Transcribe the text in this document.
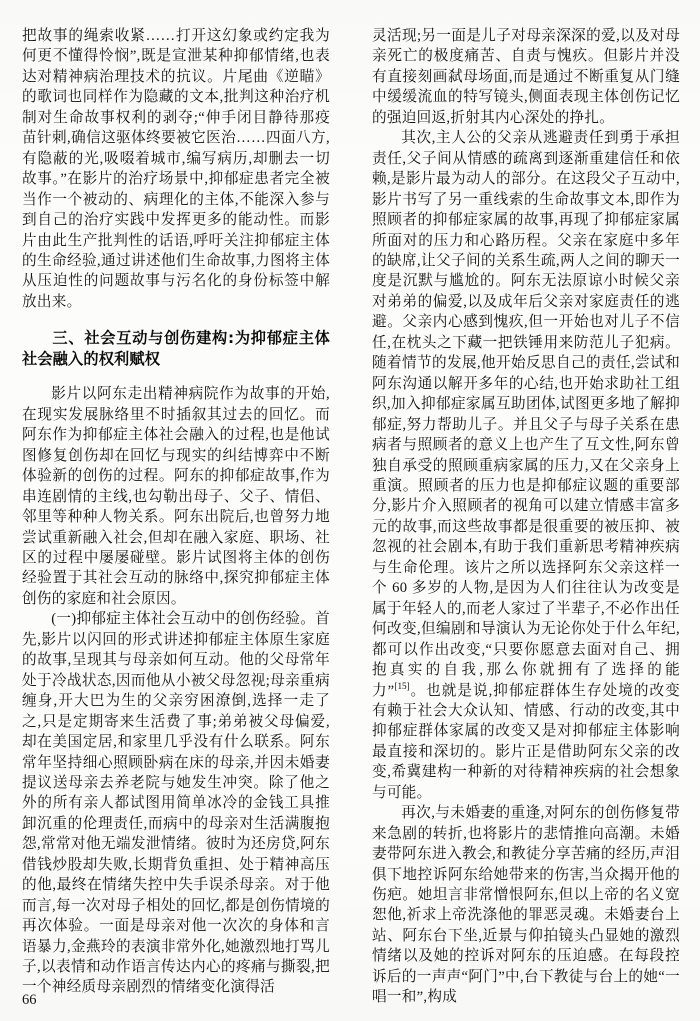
把故事的绳索收紧……打开这幻象或约定我为何更不懂得怜悯”,既是宣泄某种抑郁情绪,也表达对精神病治理技术的抗议。片尾曲《逆瞄》的歌词也同样作为隐藏的文本,批判这种治疗机制对生命故事权利的剥夺;“伸手闭目静待那疫苗针刺,确信这驱体终要被它医治……四面八方,有隐蔽的光,吸啜着城市,编写病历,却删去一切故事。”在影片的治疗场景中,抑郁症患者完全被当作一个被动的、病理化的主体,不能深入参与到自己的治疗实践中发挥更多的能动性。而影片由此生产批判性的话语,呼吁关注抑郁症主体的生命经验,通过讲述他们生命故事,力图将主体从压迫性的问题故事与污名化的身份标签中解放出来。

三、社会互动与创伤建构:为抑郁症主体社会融入的权利赋权

影片以阿东走出精神病院作为故事的开始,在现实发展脉络里不时插叙其过去的回忆。而阿东作为抑郁症主体社会融入的过程,也是他试图修复创伤却在回忆与现实的纠结博弈中不断体验新的创伤的过程。阿东的抑郁症故事,作为串连剧情的主线,也勾勒出母子、父子、情侣、邻里等种种人物关系。阿东出院后,也曾努力地尝试重新融入社会,但却在融入家庭、职场、社区的过程中屡屡碰壁。影片试图将主体的创伤经验置于其社会互动的脉络中,探究抑郁症主体创伤的家庭和社会原因。

(一)抑郁症主体社会互动中的创伤经验。首先,影片以闪回的形式讲述抑郁症主体原生家庭的故事,呈现其与母亲如何互动。他的父母常年处于冷战状态,因而他从小被父母忽视;母亲重病缠身,开大巴为生的父亲穷困潦倒,选择一走了之,只是定期寄来生活费了事;弟弟被父母偏爱,却在美国定居,和家里几乎没有什么联系。阿东常年坚持细心照顾卧病在床的母亲,并因未婚妻提议送母亲去养老院与她发生冲突。除了他之外的所有亲人都试图用简单冰冷的金钱工具推卸沉重的伦理责任,而病中的母亲对生活满腹抱怨,常常对他无端发泄情绪。彼时为还房贷,阿东借钱炒股却失败,长期背负重担、处于精神高压的他,最终在情绪失控中失手误杀母亲。对于他而言,每一次对母子相处的回忆,都是创伤情境的再次体验。一面是母亲对他一次次的身体和言语暴力,金燕玲的表演非常外化,她激烈地打骂儿子,以表情和动作语言传达内心的疼痛与撕裂,把一个神经质母亲剧烈的情绪变化演得活

灵活现;另一面是儿子对母亲深深的爱,以及对母亲死亡的极度痛苦、自责与愧疚。但影片并没有直接刻画弑母场面,而是通过不断重复从门缝中缓缓流血的特写镜头,侧面表现主体创伤记忆的强迫回返,折射其内心深处的挣扎。

其次,主人公的父亲从逃避责任到勇于承担责任,父子间从情感的疏离到逐渐重建信任和依赖,是影片最为动人的部分。在这段父子互动中,影片书写了另一重线索的生命故事文本,即作为照顾者的抑郁症家属的故事,再现了抑郁症家属所面对的压力和心路历程。父亲在家庭中多年的缺席,让父子间的关系生疏,两人之间的聊天一度是沉默与尴尬的。阿东无法原谅小时候父亲对弟弟的偏爱,以及成年后父亲对家庭责任的逃避。父亲内心感到愧疚,但一开始也对儿子不信任,在枕头之下藏一把铁锤用来防范儿子犯病。随着情节的发展,他开始反思自己的责任,尝试和阿东沟通以解开多年的心结,也开始求助社工组织,加入抑郁症家属互助团体,试图更多地了解抑郁症,努力帮助儿子。并且父子与母子关系在患病者与照顾者的意义上也产生了互文性,阿东曾独自承受的照顾重病家属的压力,又在父亲身上重演。照顾者的压力也是抑郁症议题的重要部分,影片介入照顾者的视角可以建立情感丰富多元的故事,而这些故事都是很重要的被压抑、被忽视的社会剧本,有助于我们重新思考精神疾病与生命伦理。该片之所以选择阿东父亲这样一个 60 多岁的人物,是因为人们往往认为改变是属于年轻人的,而老人家过了半辈子,不必作出任何改变,但编剧和导演认为无论你处于什么年纪,都可以作出改变,“只要你愿意去面对自己、拥抱真实的自我,那么你就拥有了选择的能力”[15]。也就是说,抑郁症群体生存处境的改变有赖于社会大众认知、情感、行动的改变,其中抑郁症群体家属的改变又是对抑郁症主体影响最直接和深切的。影片正是借助阿东父亲的改变,希冀建构一种新的对待精神疾病的社会想象与可能。

再次,与未婚妻的重逢,对阿东的创伤修复带来急剧的转折,也将影片的悲情推向高潮。未婚妻带阿东进入教会,和教徒分享苦痛的经历,声泪俱下地控诉阿东给她带来的伤害,当众揭开他的伤疤。她坦言非常憎恨阿东,但以上帝的名义宽恕他,祈求上帝洗涤他的罪恶灵魂。未婚妻台上站、阿东台下坐,近景与仰拍镜头凸显她的激烈情绪以及她的控诉对阿东的压迫感。在每段控诉后的一声声“阿门”中,台下教徒与台上的她“一唱一和”,构成

66
